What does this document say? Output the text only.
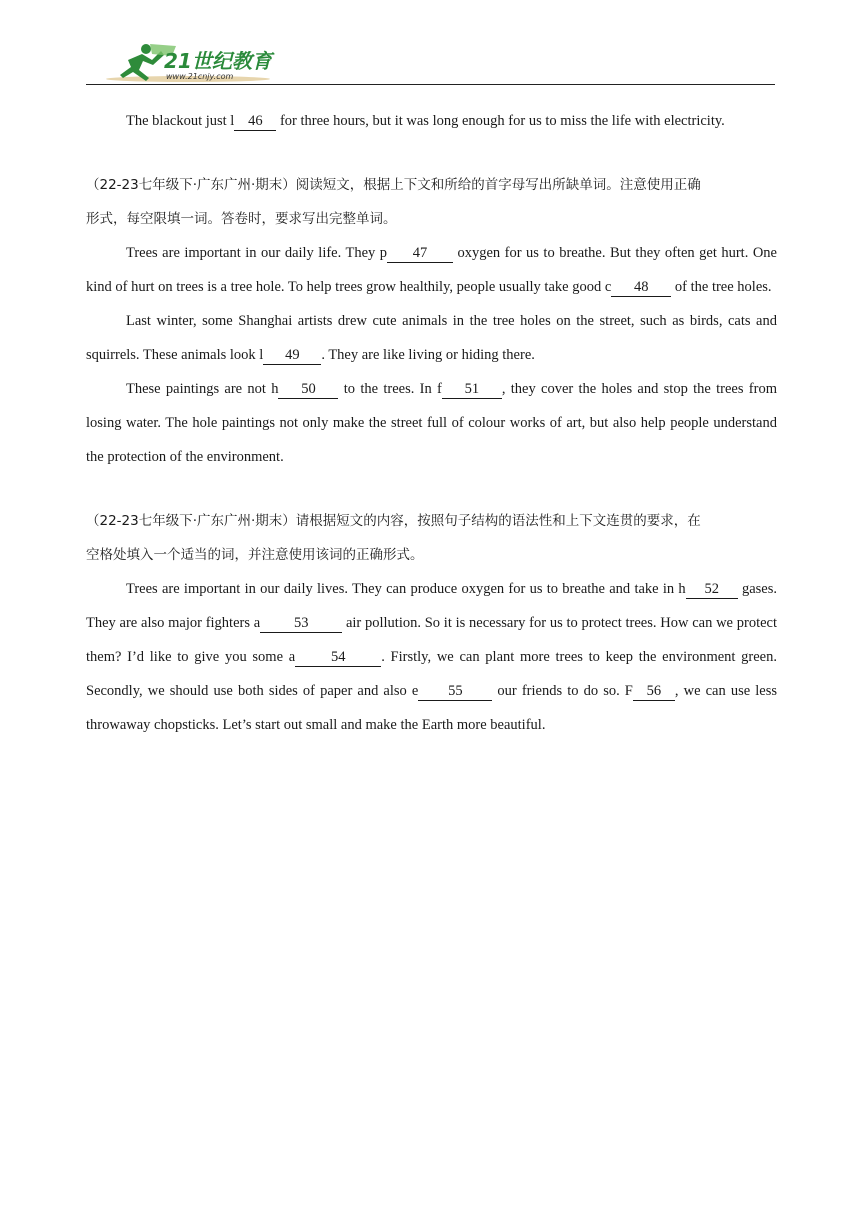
21世纪教育
www.21cnjy.com

The blackout just l 46 for three hours, but it was long enough for us to miss the life with electricity.

（22-23七年级下·广东广州·期末）阅读短文，根据上下文和所给的首字母写出所缺单词。注意使用正确
形式，每空限填一词。答卷时，要求写出完整单词。

Trees are important in our daily life. They p 47 oxygen for us to breathe. But they often get hurt. One kind of hurt on trees is a tree hole. To help trees grow healthily, people usually take good c 48 of the tree holes.

Last winter, some Shanghai artists drew cute animals in the tree holes on the street, such as birds, cats and squirrels. These animals look l 49 . They are like living or hiding there.

These paintings are not h 50 to the trees. In f 51 , they cover the holes and stop the trees from losing water. The hole paintings not only make the street full of colour works of art, but also help people understand the protection of the environment.

（22-23七年级下·广东广州·期末）请根据短文的内容，按照句子结构的语法性和上下文连贯的要求，在
空格处填入一个适当的词，并注意使用该词的正确形式。

Trees are important in our daily lives. They can produce oxygen for us to breathe and take in h 52 gases. They are also major fighters a 53 air pollution. So it is necessary for us to protect trees. How can we protect them? I’d like to give you some a 54 . Firstly, we can plant more trees to keep the environment green. Secondly, we should use both sides of paper and also e 55 our friends to do so. F 56 , we can use less throwaway chopsticks. Let’s start out small and make the Earth more beautiful.
